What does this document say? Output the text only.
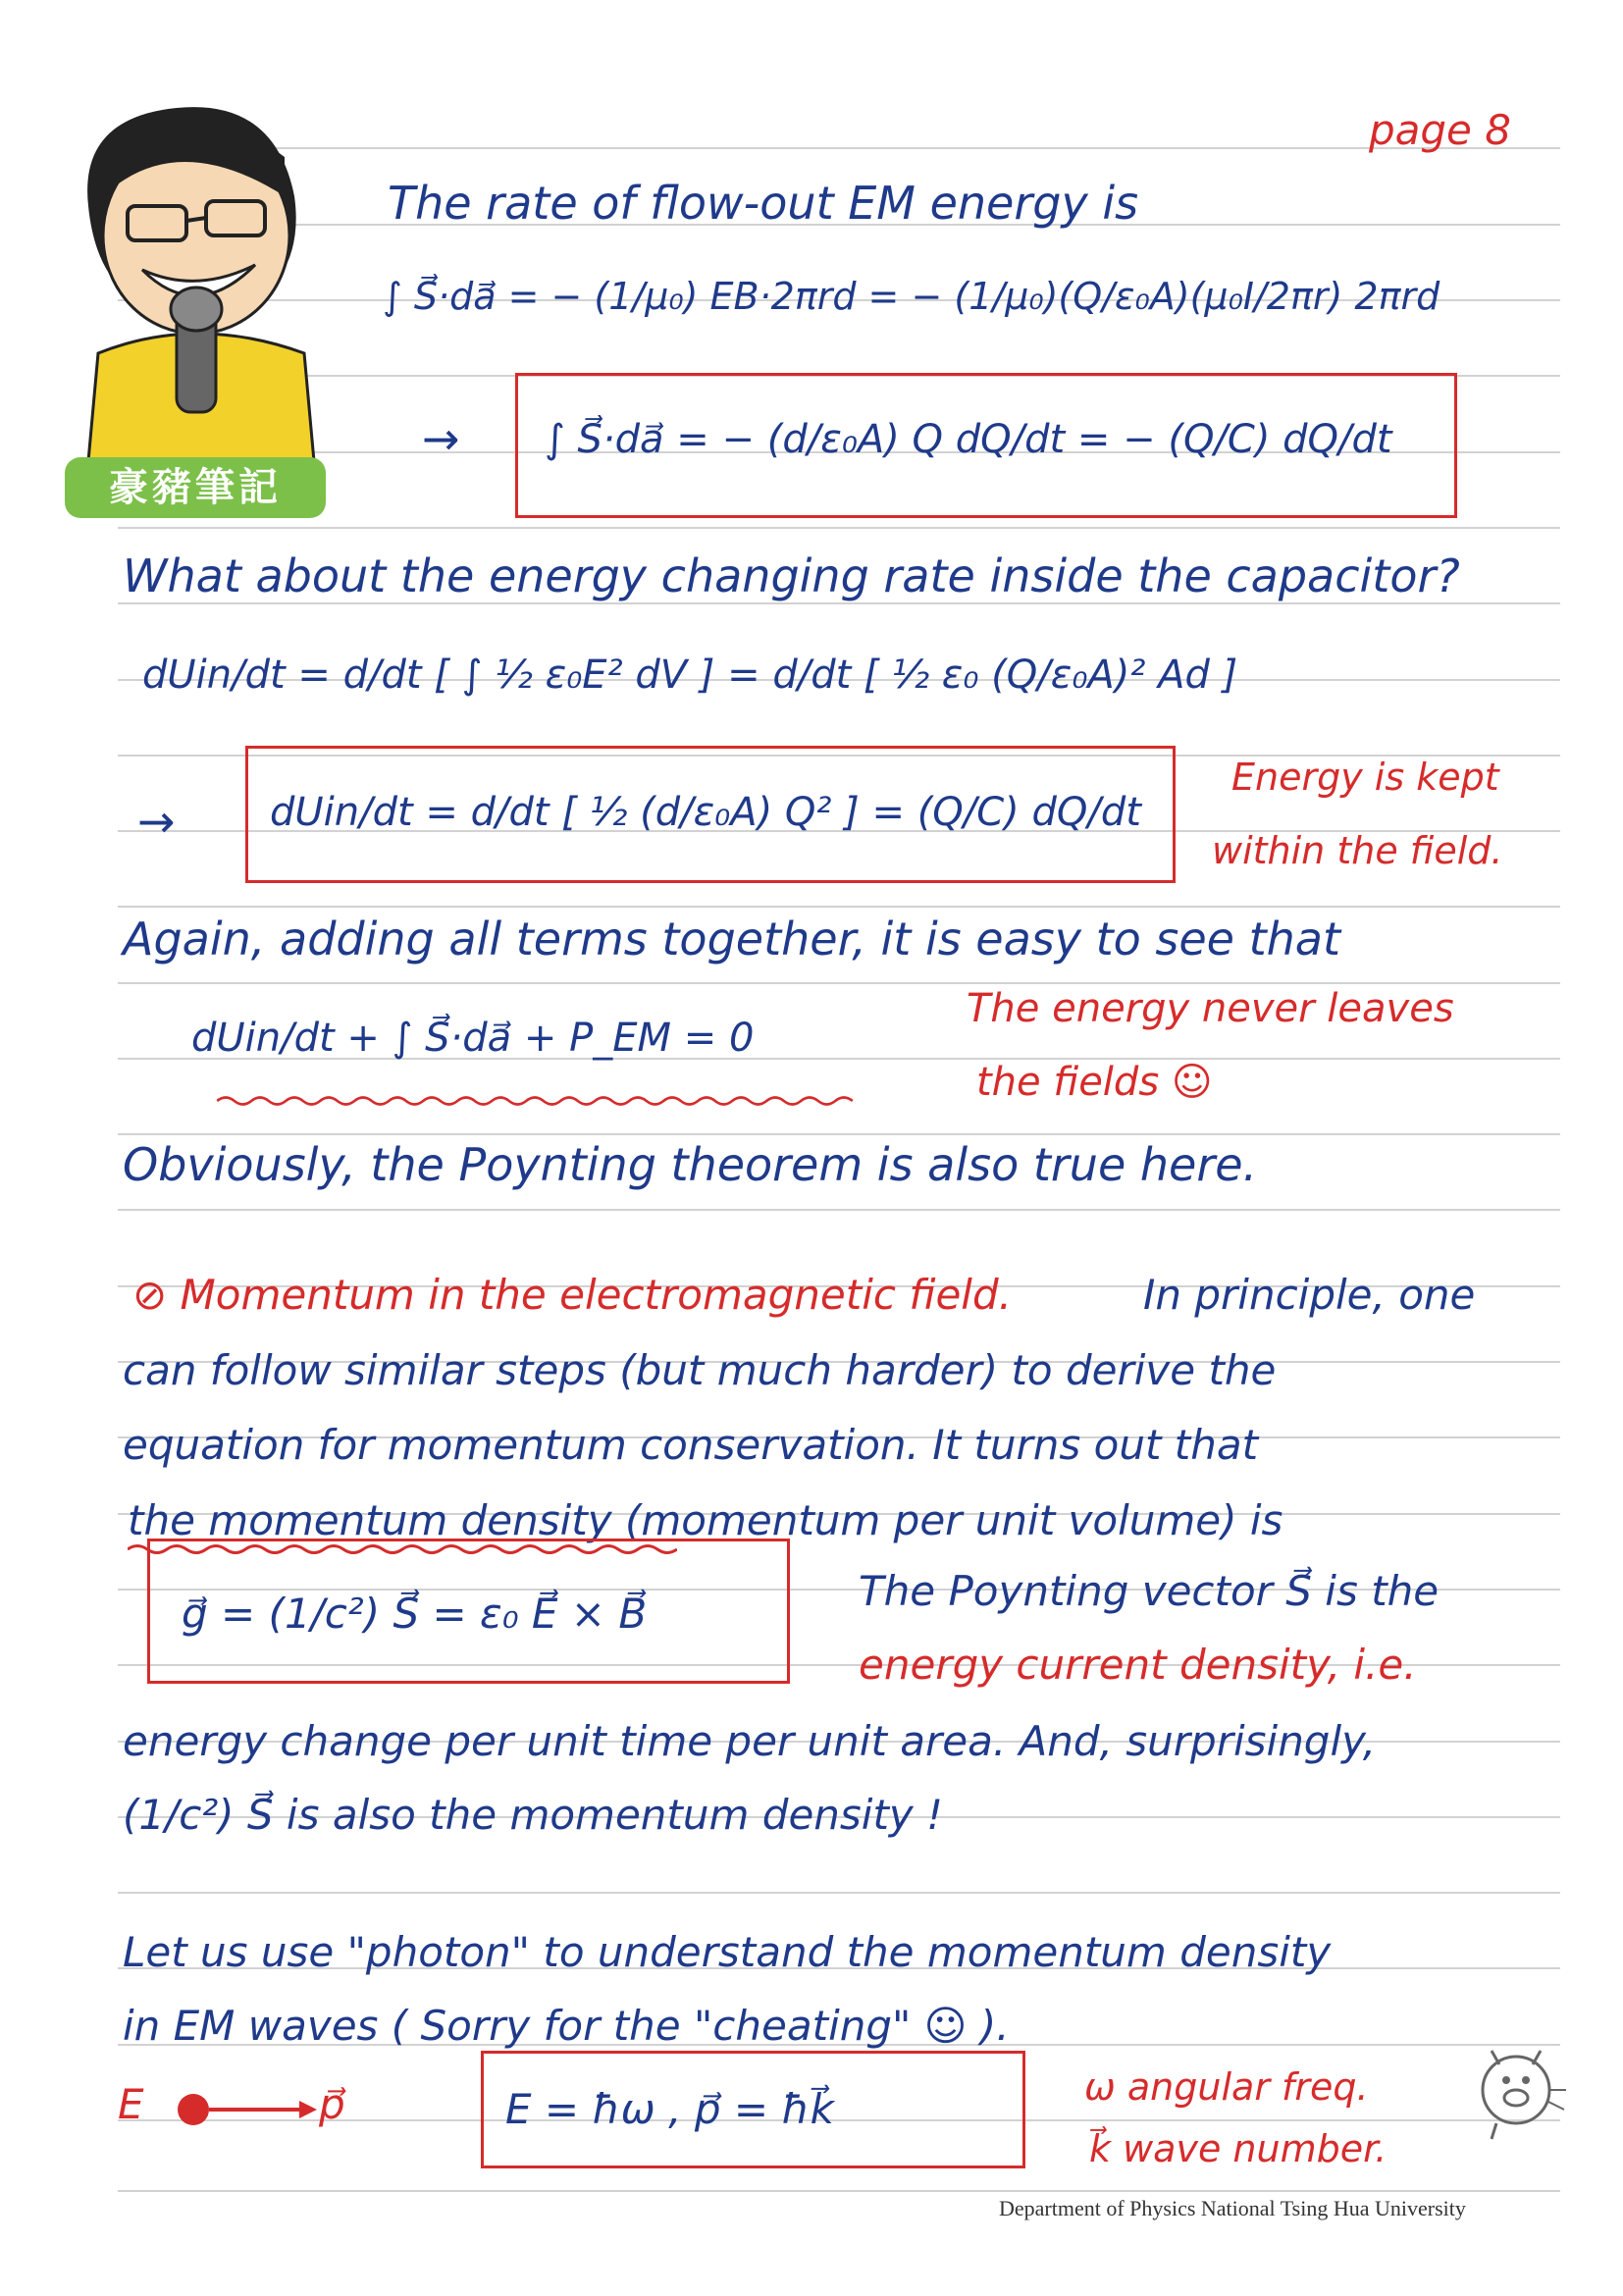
豪豬筆記
page 8
The rate of flow-out EM energy is
∫ S⃗·da⃗ = − (1/μ₀) EB·2πrd = − (1/μ₀)(Q/ε₀A)(μ₀I/2πr) 2πrd
→ ∫ S⃗·da⃗ = − (d/ε₀A) Q dQ/dt = − (Q/C) dQ/dt
What about the energy changing rate inside the capacitor?
dUin/dt = d/dt [ ∫ ½ ε₀E² dV ] = d/dt [ ½ ε₀ (Q/ε₀A)² Ad ]
→ dUin/dt = d/dt [ ½ (d/ε₀A) Q² ] = (Q/C) dQ/dt
Energy is kept
within the field.
Again, adding all terms together, it is easy to see that
dUin/dt + ∫ S⃗·da⃗ + P_EM = 0
The energy never leaves
the fields ☺
Obviously, the Poynting theorem is also true here.
⊘ Momentum in the electromagnetic field.	In principle, one
can follow similar steps (but much harder) to derive the
equation for momentum conservation. It turns out that
the momentum density (momentum per unit volume) is
g⃗ = (1/c²) S⃗ = ε₀ E⃗ × B⃗	The Poynting vector S⃗ is the
energy current density, i.e.
energy change per unit time per unit area. And, surprisingly,
(1/c²) S⃗ is also the momentum density !
Let us use "photon" to understand the momentum density
in EM waves ( Sorry for the "cheating" ☺ ).
E	p⃗	E = ħω , p⃗ = ħk⃗	ω angular freq.
k⃗ wave number.
Department of Physics National Tsing Hua University
